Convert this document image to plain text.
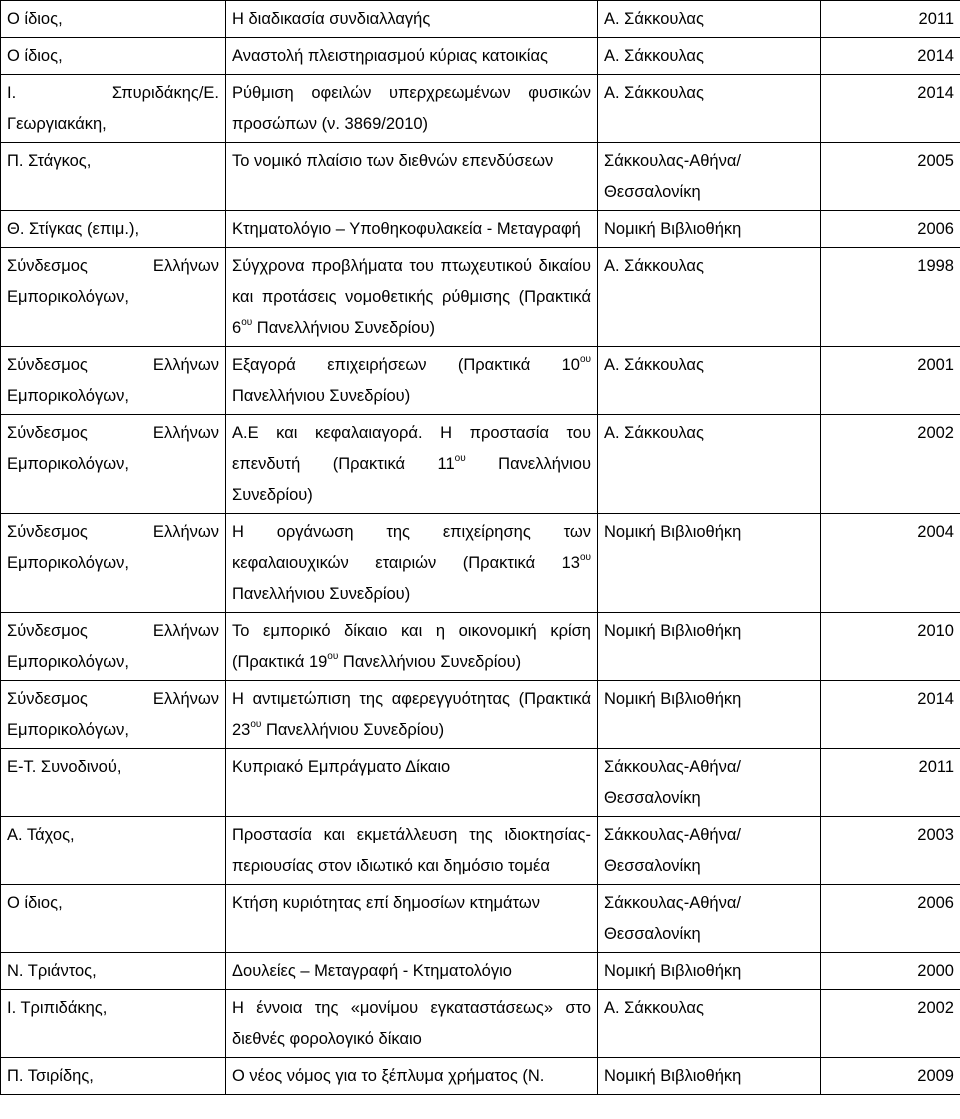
Ο ίδιος,	Η διαδικασία συνδιαλλαγής	Α. Σάκκουλας	2011
Ο ίδιος,	Αναστολή πλειστηριασμού κύριας κατοικίας	Α. Σάκκουλας	2014
Ι. Σπυριδάκης/Ε. Γεωργιακάκη,	Ρύθμιση οφειλών υπερχρεωμένων φυσικών προσώπων (ν. 3869/2010)	Α. Σάκκουλας	2014
Π. Στάγκος,	Το νομικό πλαίσιο των διεθνών επενδύσεων	Σάκκουλας-Αθήνα/Θεσσαλονίκη	2005
Θ. Στίγκας (επιμ.),	Κτηματολόγιο – Υποθηκοφυλακεία - Μεταγραφή	Νομική Βιβλιοθήκη	2006
Σύνδεσμος Ελλήνων Εμπορικολόγων,	Σύγχρονα προβλήματα του πτωχευτικού δικαίου και προτάσεις νομοθετικής ρύθμισης (Πρακτικά $6^{o\upsilon}$ Πανελλήνιου Συνεδρίου)	Α. Σάκκουλας	1998
Σύνδεσμος Ελλήνων Εμπορικολόγων,	Εξαγορά επιχειρήσεων (Πρακτικά $10^{o\upsilon}$ Πανελλήνιου Συνεδρίου)	Α. Σάκκουλας	2001
Σύνδεσμος Ελλήνων Εμπορικολόγων,	Α.Ε και κεφαλαιαγορά. Η προστασία του επενδυτή (Πρακτικά $11^{o\upsilon}$ Πανελλήνιου Συνεδρίου)	Α. Σάκκουλας	2002
Σύνδεσμος Ελλήνων Εμπορικολόγων,	Η οργάνωση της επιχείρησης των κεφαλαιουχικών εταιριών (Πρακτικά $13^{o\upsilon}$ Πανελλήνιου Συνεδρίου)	Νομική Βιβλιοθήκη	2004
Σύνδεσμος Ελλήνων Εμπορικολόγων,	Το εμπορικό δίκαιο και η οικονομική κρίση (Πρακτικά $19^{o\upsilon}$ Πανελλήνιου Συνεδρίου)	Νομική Βιβλιοθήκη	2010
Σύνδεσμος Ελλήνων Εμπορικολόγων,	Η αντιμετώπιση της αφερεγγυότητας (Πρακτικά $23^{o\upsilon}$ Πανελλήνιου Συνεδρίου)	Νομική Βιβλιοθήκη	2014
Ε-Τ. Συνοδινού,	Κυπριακό Εμπράγματο Δίκαιο	Σάκκουλας-Αθήνα/Θεσσαλονίκη	2011
Α. Τάχος,	Προστασία και εκμετάλλευση της ιδιοκτησίας-περιουσίας στον ιδιωτικό και δημόσιο τομέα	Σάκκουλας-Αθήνα/Θεσσαλονίκη	2003
Ο ίδιος,	Κτήση κυριότητας επί δημοσίων κτημάτων	Σάκκουλας-Αθήνα/Θεσσαλονίκη	2006
Ν. Τριάντος,	Δουλείες – Μεταγραφή - Κτηματολόγιο	Νομική Βιβλιοθήκη	2000
Ι. Τριπιδάκης,	Η έννοια της «μονίμου εγκαταστάσεως» στο διεθνές φορολογικό δίκαιο	Α. Σάκκουλας	2002
Π. Τσιρίδης,	Ο νέος νόμος για το ξέπλυμα χρήματος (Ν.	Νομική Βιβλιοθήκη	2009
